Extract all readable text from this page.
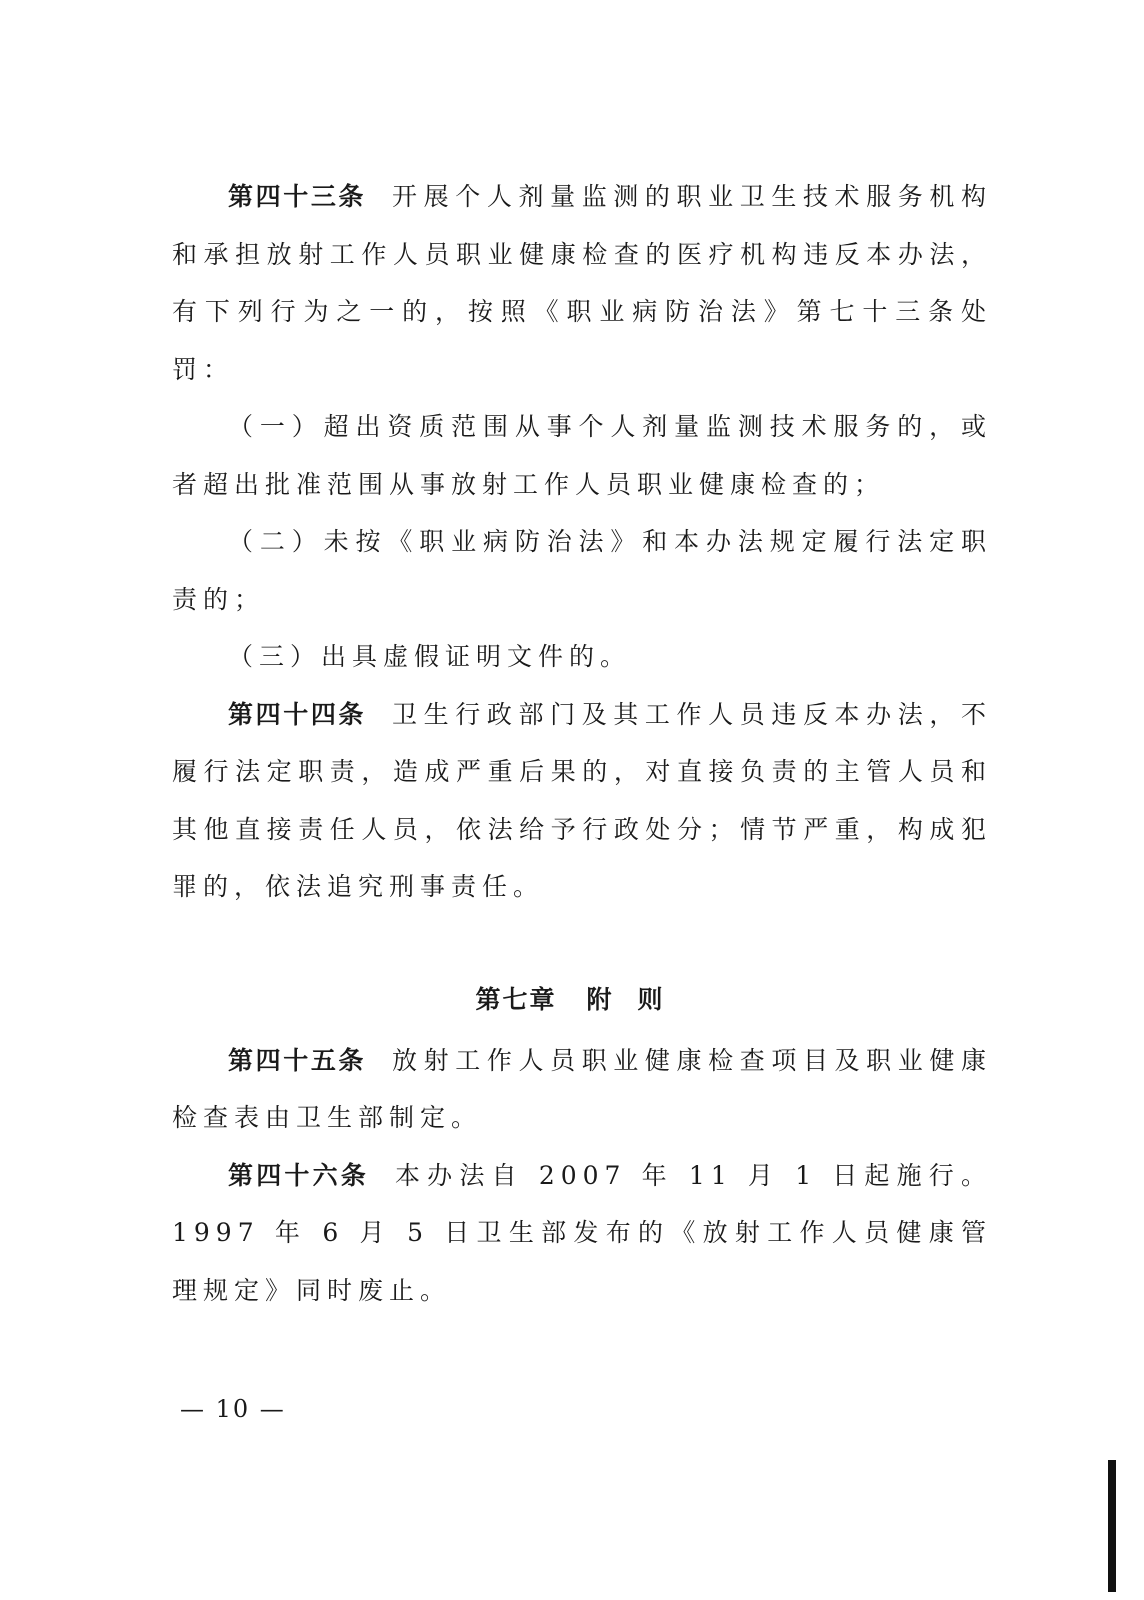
第四十三条 开展个人剂量监测的职业卫生技术服务机构和承担放射工作人员职业健康检查的医疗机构违反本办法，有下列行为之一的，按照《职业病防治法》第七十三条处罚：

（一）超出资质范围从事个人剂量监测技术服务的，或者超出批准范围从事放射工作人员职业健康检查的；

（二）未按《职业病防治法》和本办法规定履行法定职责的；

（三）出具虚假证明文件的。

第四十四条 卫生行政部门及其工作人员违反本办法，不履行法定职责，造成严重后果的，对直接负责的主管人员和其他直接责任人员，依法给予行政处分；情节严重，构成犯罪的，依法追究刑事责任。

第七章 附则

第四十五条 放射工作人员职业健康检查项目及职业健康检查表由卫生部制定。

第四十六条 本办法自 2007 年 11 月 1 日起施行。1997 年 6 月 5 日卫生部发布的《放射工作人员健康管理规定》同时废止。

— 10 —
